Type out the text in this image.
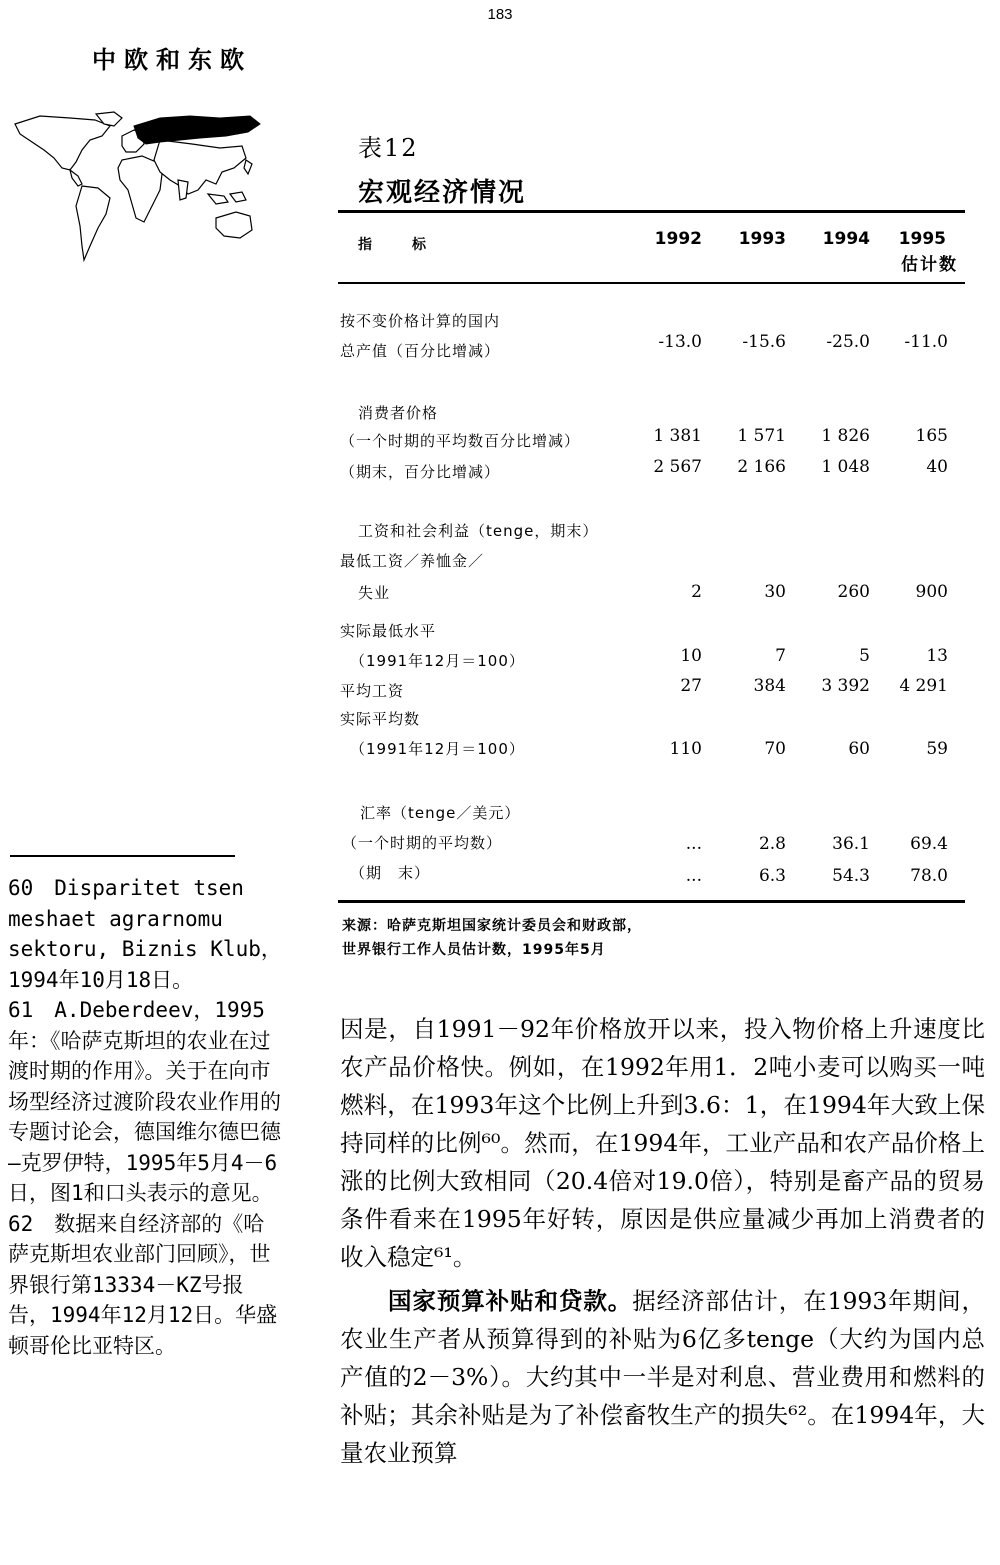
183
中欧和东欧
表12
宏观经济情况
指　　标	1992	1993	1994	1995
估计数
按不变价格计算的国内
总产值（百分比增减）	-13.0	-15.6	-25.0	-11.0
消费者价格
（一个时期的平均数百分比增减）	1 381	1 571	1 826	165
（期末，百分比增减）	2 567	2 166	1 048	40
工资和社会利益（tenge，期末）
最低工资／养恤金／
失业	2	30	260	900
实际最低水平
（1991年12月＝100）	10	7	5	13
平均工资	27	384	3 392	4 291
实际平均数
（1991年12月＝100）	110	70	60	59
汇率（tenge／美元）
（一个时期的平均数）	...	2.8	36.1	69.4
（期　末）	...	6.3	54.3	78.0
来源：哈萨克斯坦国家统计委员会和财政部，
世界银行工作人员估计数，1995年5月

60　Disparitet tsen meshaet agrarnomu sektoru, Biznis Klub，1994年10月18日。

61　A.Deberdeev，1995年：《哈萨克斯坦的农业在过渡时期的作用》。关于在向市场型经济过渡阶段农业作用的专题讨论会，德国维尔德巴德—克罗伊特，1995年5月4－6日，图1和口头表示的意见。

62　数据来自经济部的《哈萨克斯坦农业部门回顾》，世界银行第13334－KZ号报告，1994年12月12日。华盛顿哥伦比亚特区。

因是，自1991－92年价格放开以来，投入物价格上升速度比农产品价格快。例如，在1992年用1．2吨小麦可以购买一吨燃料，在1993年这个比例上升到3.6：1，在1994年大致上保持同样的比例⁶⁰。然而，在1994年，工业产品和农产品价格上涨的比例大致相同（20.4倍对19.0倍），特别是畜产品的贸易条件看来在1995年好转，原因是供应量减少再加上消费者的收入稳定⁶¹。

国家预算补贴和贷款。据经济部估计，在1993年期间，农业生产者从预算得到的补贴为6亿多tenge（大约为国内总产值的2－3%）。大约其中一半是对利息、营业费用和燃料的补贴；其余补贴是为了补偿畜牧生产的损失⁶²。在1994年，大量农业预算
